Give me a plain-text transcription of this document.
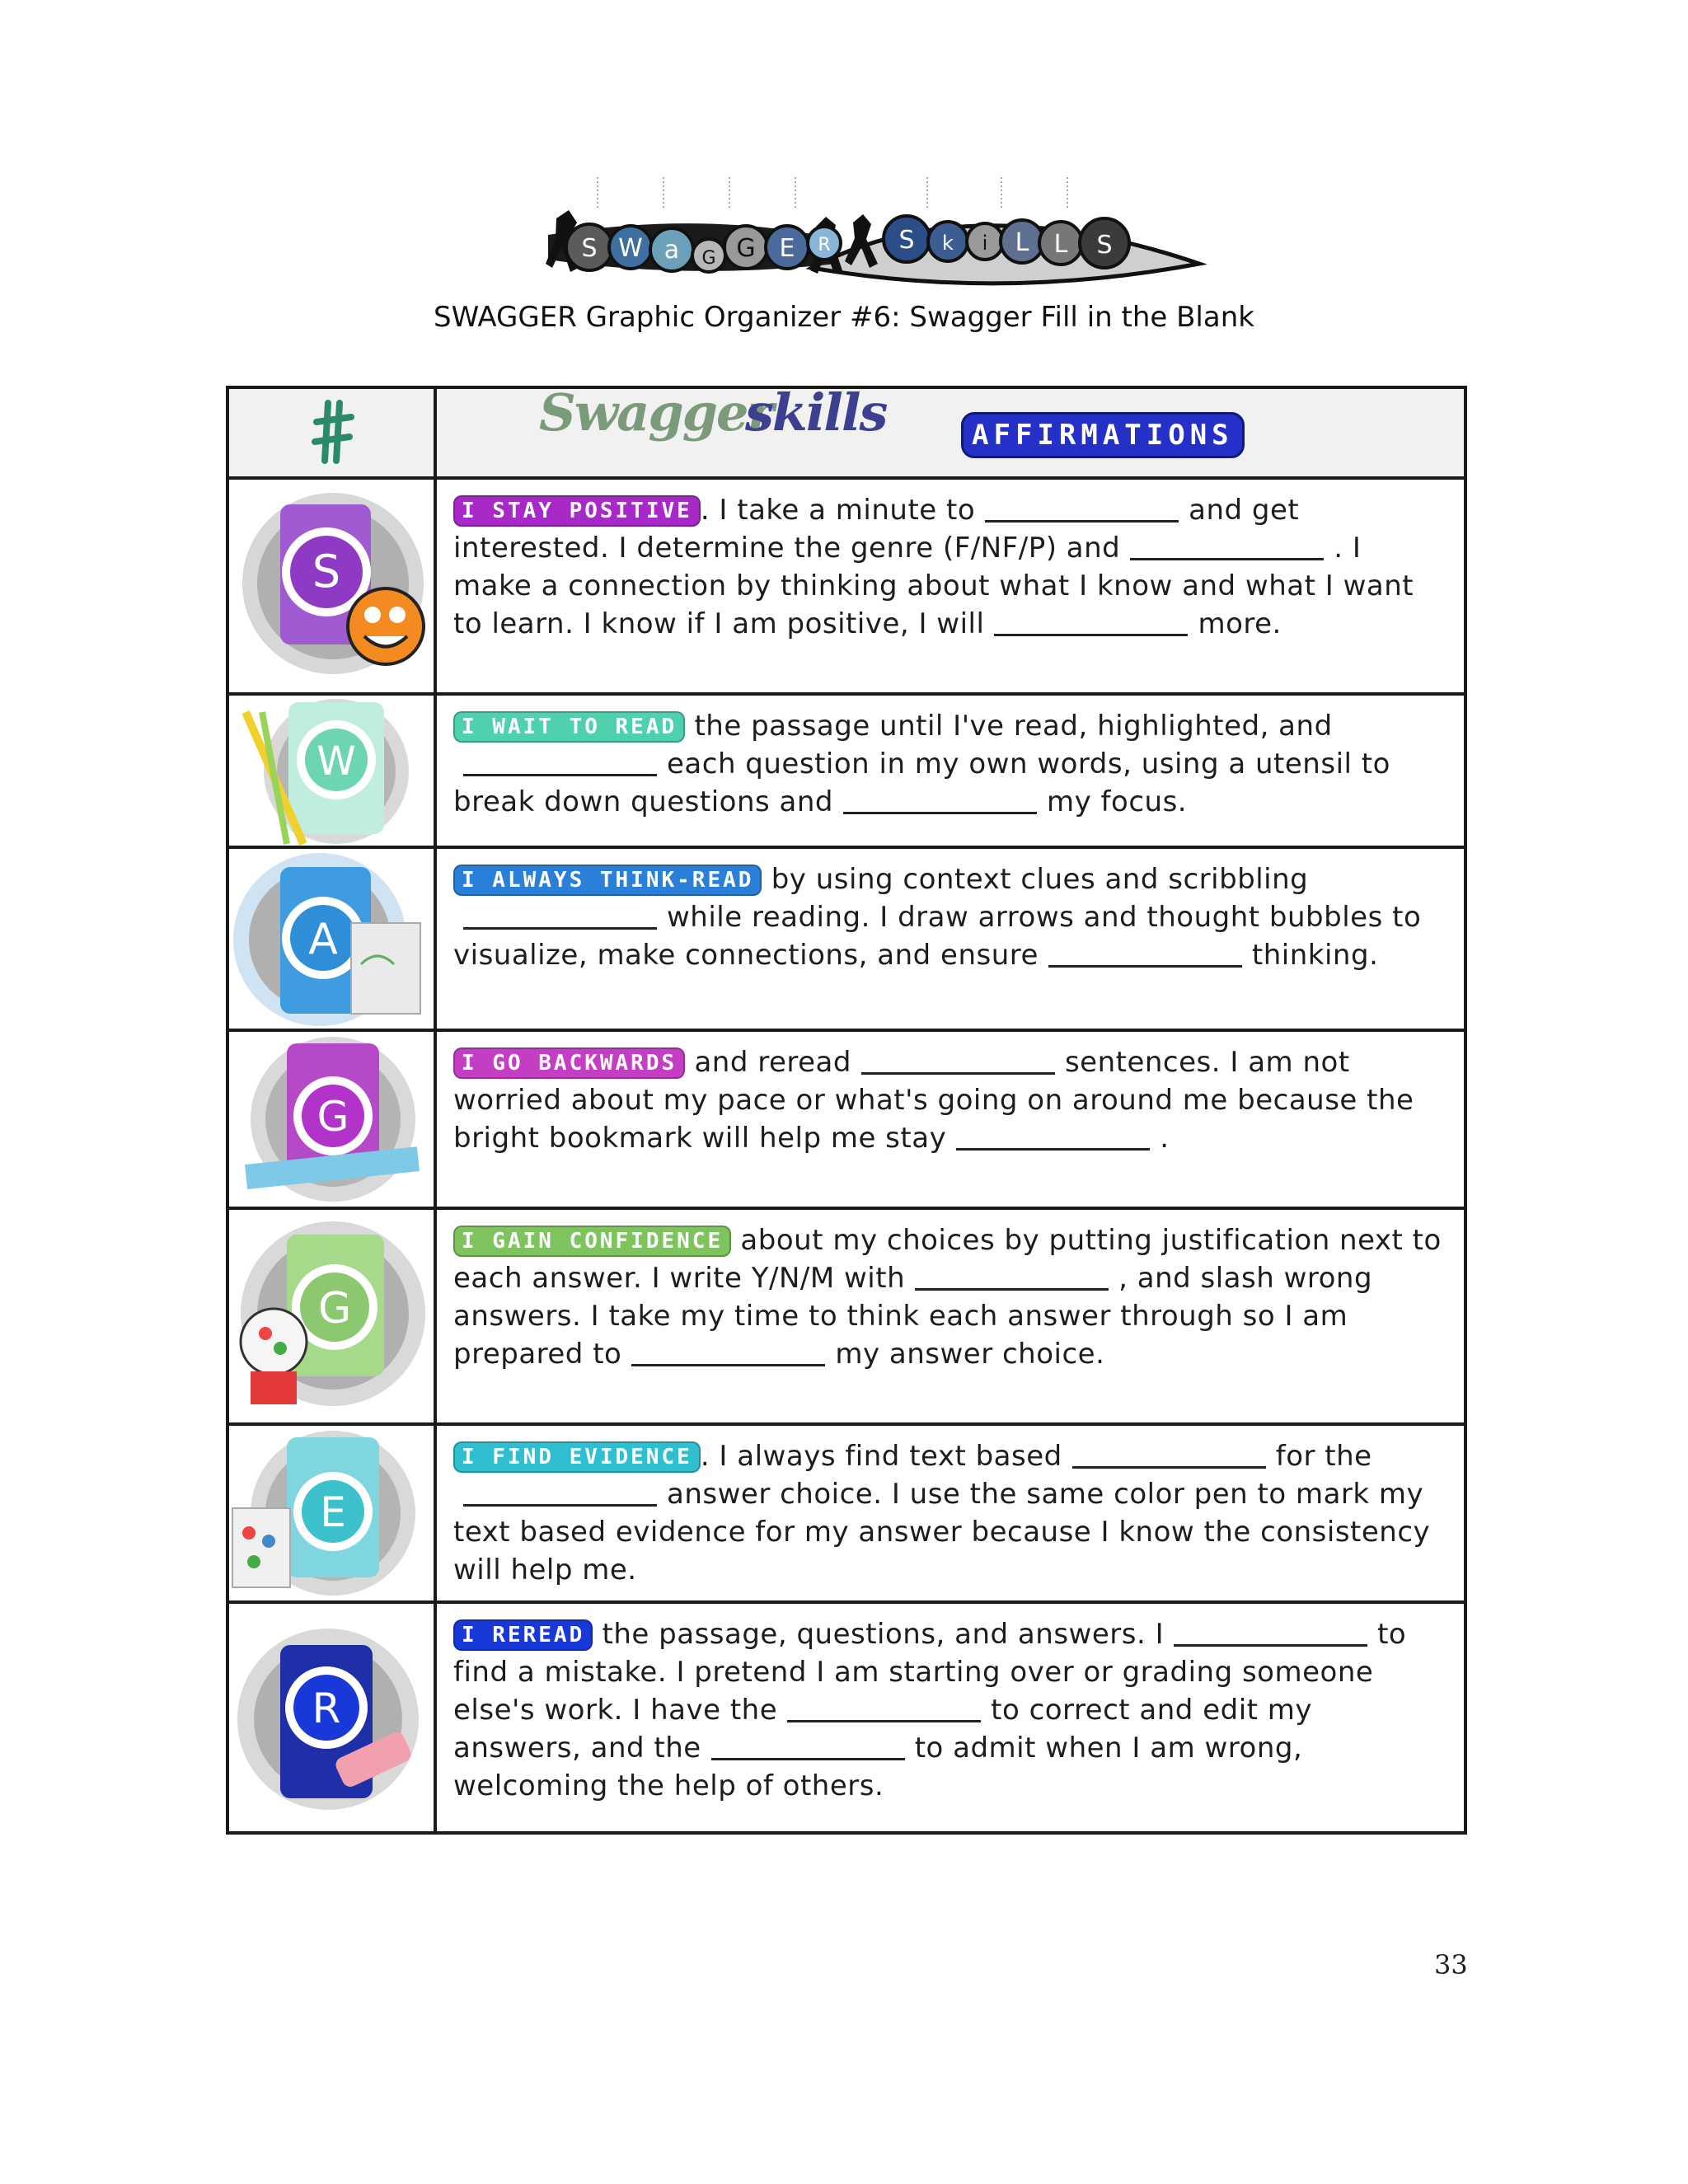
S W a G G E R	S k i L L S
SWAGGER Graphic Organizer #6: Swagger Fill in the Blank
Swagger
skills	AFFIRMATIONS
S
I STAY POSITIVE . I take a minute to	and get interested. I determine the genre (F/NF/P) and	. I make a connection by thinking about what I know and what I want to learn. I know if I am positive, I will	more.
W
I WAIT TO READ the passage until I've read, highlighted, andeach question in my own words, using a utensil to break down questions and	my focus.
A
I ALWAYS THINK-READ by using context clues and scribblingwhile reading. I draw arrows and thought bubbles to visualize, make connections, and ensure	thinking.
G
I GO BACKWARDS and reread	sentences. I am not worried about my pace or what's going on around me because the bright bookmark will help me stay	.
G
I GAIN CONFIDENCE about my choices by putting justification next to each answer. I write Y/N/M with	, and slash wrong answers. I take my time to think each answer through so I am prepared to	my answer choice.
E
I FIND EVIDENCE . I always find text based	for theanswer choice. I use the same color pen to mark my text based evidence for my answer because I know the consistency will help me.
R
I REREAD the passage, questions, and answers. I	to find a mistake. I pretend I am starting over or grading someone else's work. I have the	to correct and edit my answers, and the	to admit when I am wrong, welcoming the help of others.
33
